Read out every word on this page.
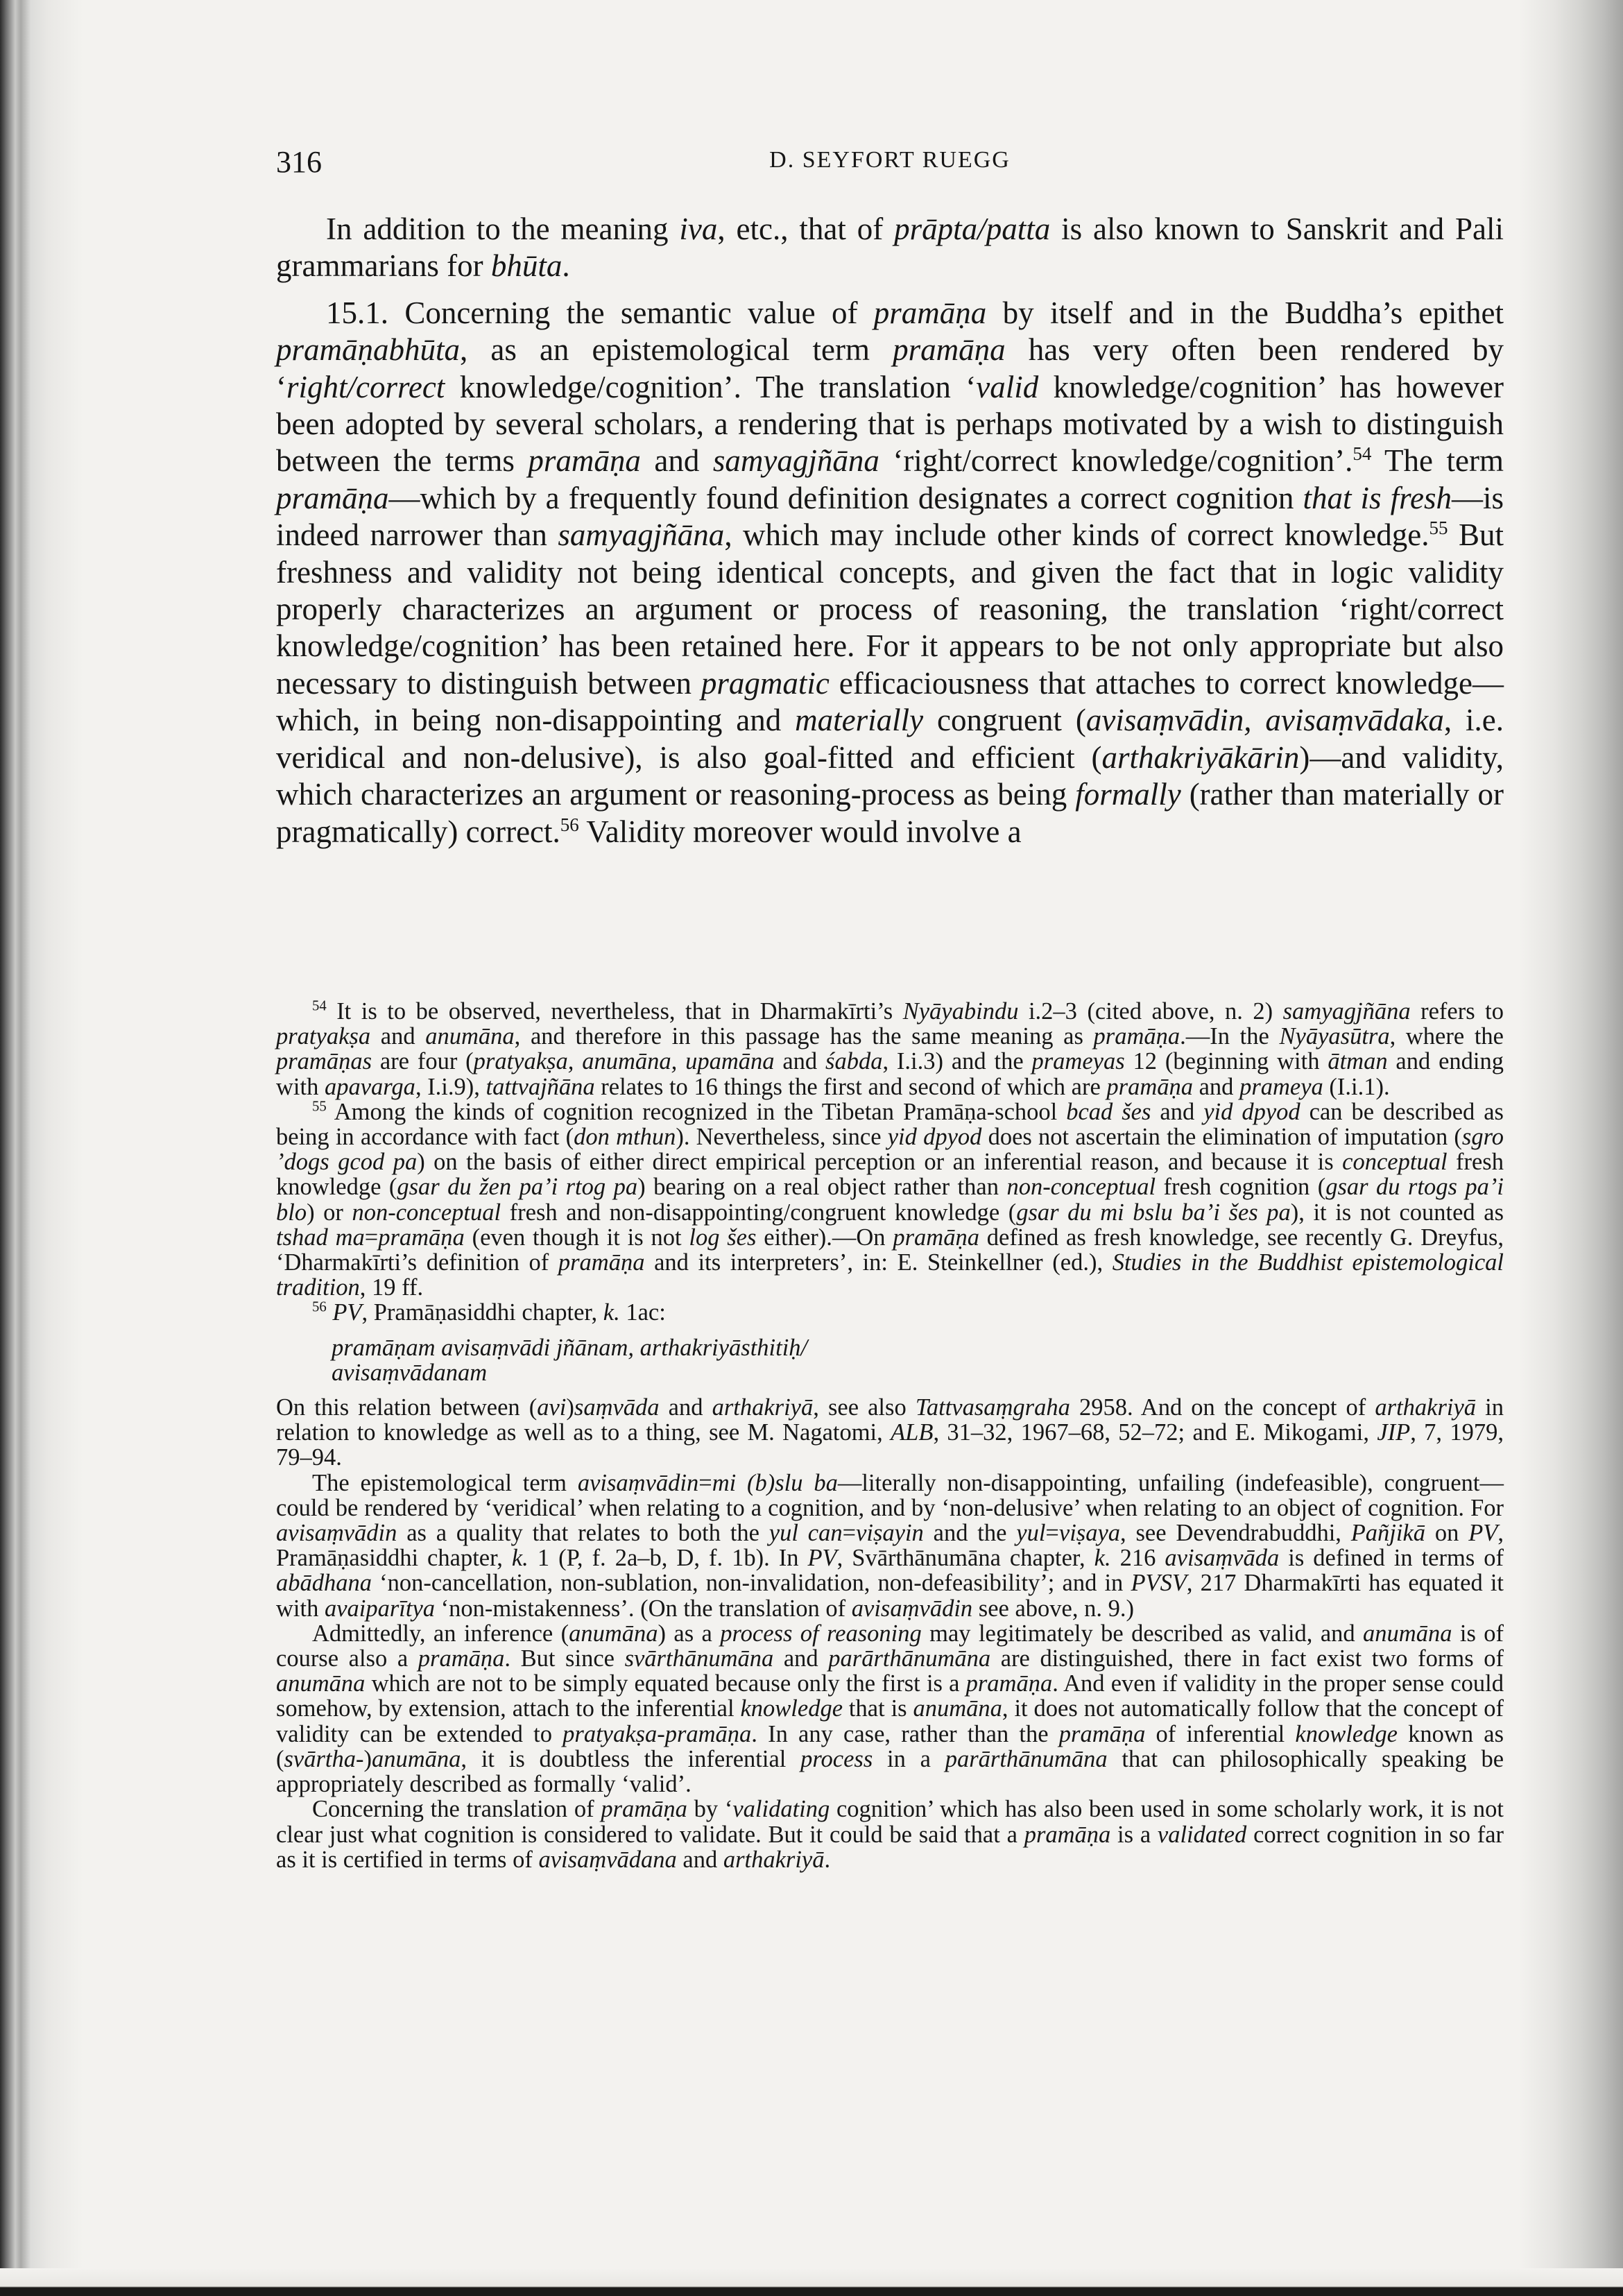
316	D. SEYFORT RUEGG

In addition to the meaning iva, etc., that of prāpta/patta is also known to Sanskrit and Pali grammarians for bhūta.

15.1. Concerning the semantic value of pramāṇa by itself and in the Buddha’s epithet pramāṇabhūta, as an epistemological term pramāṇa has very often been rendered by ‘right/correct knowledge/cognition’. The translation ‘valid knowledge/cognition’ has however been adopted by several scholars, a rendering that is perhaps motivated by a wish to distinguish between the terms pramāṇa and samyagjñāna ‘right/correct knowledge/cognition’.$^{54}$ The term pramāṇa—which by a frequently found definition designates a correct cognition that is fresh—is indeed narrower than samyagjñāna, which may include other kinds of correct knowledge.$^{55}$ But freshness and validity not being identical concepts, and given the fact that in logic validity properly characterizes an argument or process of reasoning, the translation ‘right/correct knowledge/cognition’ has been retained here. For it appears to be not only appropriate but also necessary to distinguish between pragmatic efficaciousness that attaches to correct knowledge—which, in being non-disappointing and materially congruent (avisaṃvādin, avisaṃvādaka, i.e. veridical and non-delusive), is also goal-fitted and efficient (arthakriyākārin)—and validity, which characterizes an argument or reasoning-process as being formally (rather than materially or pragmatically) correct.$^{56}$ Validity moreover would involve a

$^{54}$ It is to be observed, nevertheless, that in Dharmakīrti’s Nyāyabindu i.2–3 (cited above, n. 2) samyagjñāna refers to pratyakṣa and anumāna, and therefore in this passage has the same meaning as pramāṇa.—In the Nyāyasūtra, where the pramāṇas are four (pratyakṣa, anumāna, upamāna and śabda, I.i.3) and the prameyas 12 (beginning with ātman and ending with apavarga, I.i.9), tattvajñāna relates to 16 things the first and second of which are pramāṇa and prameya (I.i.1).

$^{55}$ Among the kinds of cognition recognized in the Tibetan Pramāṇa-school bcad šes and yid dpyod can be described as being in accordance with fact (don mthun). Nevertheless, since yid dpyod does not ascertain the elimination of imputation (sgro ’dogs gcod pa) on the basis of either direct empirical perception or an inferential reason, and because it is conceptual fresh knowledge (gsar du žen pa’i rtog pa) bearing on a real object rather than non-conceptual fresh cognition (gsar du rtogs pa’i blo) or non-conceptual fresh and non-disappointing/congruent knowledge (gsar du mi bslu ba’i šes pa), it is not counted as tshad ma=pramāṇa (even though it is not log šes either).—On pramāṇa defined as fresh knowledge, see recently G. Dreyfus, ‘Dharmakīrti’s definition of pramāṇa and its interpreters’, in: E. Steinkellner (ed.), Studies in the Buddhist epistemological tradition, 19 ff.

$^{56}$ PV, Pramāṇasiddhi chapter, k. 1ac:

pramāṇam avisaṃvādi jñānam, arthakriyāsthitiḥ/
avisaṃvādanam

On this relation between (avi)saṃvāda and arthakriyā, see also Tattvasaṃgraha 2958. And on the concept of arthakriyā in relation to knowledge as well as to a thing, see M. Nagatomi, ALB, 31–32, 1967–68, 52–72; and E. Mikogami, JIP, 7, 1979, 79–94.

The epistemological term avisaṃvādin=mi (b)slu ba—literally non-disappointing, unfailing (indefeasible), congruent—could be rendered by ‘veridical’ when relating to a cognition, and by ‘non-delusive’ when relating to an object of cognition. For avisaṃvādin as a quality that relates to both the yul can=viṣayin and the yul=viṣaya, see Devendrabuddhi, Pañjikā on PV, Pramāṇasiddhi chapter, k. 1 (P, f. 2a–b, D, f. 1b). In PV, Svārthānumāna chapter, k. 216 avisaṃvāda is defined in terms of abādhana ‘non-cancellation, non-sublation, non-invalidation, non-defeasibility’; and in PVSV, 217 Dharmakīrti has equated it with avaiparītya ‘non-mistakenness’. (On the translation of avisaṃvādin see above, n. 9.)

Admittedly, an inference (anumāna) as a process of reasoning may legitimately be described as valid, and anumāna is of course also a pramāṇa. But since svārthānumāna and parārthānumāna are distinguished, there in fact exist two forms of anumāna which are not to be simply equated because only the first is a pramāṇa. And even if validity in the proper sense could somehow, by extension, attach to the inferential knowledge that is anumāna, it does not automatically follow that the concept of validity can be extended to pratyakṣa-pramāṇa. In any case, rather than the pramāṇa of inferential knowledge known as (svārtha-)anumāna, it is doubtless the inferential process in a parārthānumāna that can philosophically speaking be appropriately described as formally ‘valid’.

Concerning the translation of pramāṇa by ‘validating cognition’ which has also been used in some scholarly work, it is not clear just what cognition is considered to validate. But it could be said that a pramāṇa is a validated correct cognition in so far as it is certified in terms of avisaṃvādana and arthakriyā.
